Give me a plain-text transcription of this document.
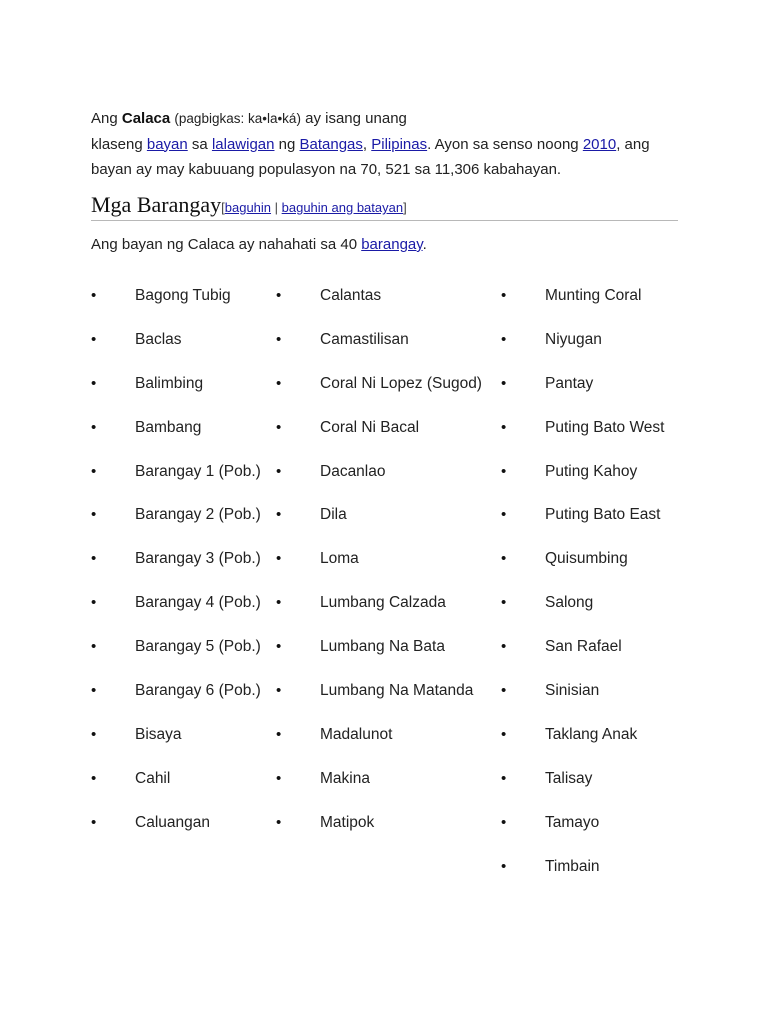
Ang Calaca (pagbigkas: ka•la•ká) ay isang unang
klaseng bayan sa lalawigan ng Batangas, Pilipinas. Ayon sa senso noong 2010, ang
bayan ay may kabuuang populasyon na 70, 521 sa 11,306 kabahayan.

Mga Barangay[baguhin | baguhin ang batayan]
Ang bayan ng Calaca ay nahahati sa 40 barangay.
• Bagong Tubig
• Baclas
• Balimbing
• Bambang
• Barangay 1 (Pob.)
• Barangay 2 (Pob.)
• Barangay 3 (Pob.)
• Barangay 4 (Pob.)
• Barangay 5 (Pob.)
• Barangay 6 (Pob.)
• Bisaya
• Cahil
• Caluangan
• Calantas
• Camastilisan
• Coral Ni Lopez (Sugod)
• Coral Ni Bacal
• Dacanlao
• Dila
• Loma
• Lumbang Calzada
• Lumbang Na Bata
• Lumbang Na Matanda
• Madalunot
• Makina
• Matipok
• Munting Coral
• Niyugan
• Pantay
• Puting Bato West
• Puting Kahoy
• Puting Bato East
• Quisumbing
• Salong
• San Rafael
• Sinisian
• Taklang Anak
• Talisay
• Tamayo
• Timbain
